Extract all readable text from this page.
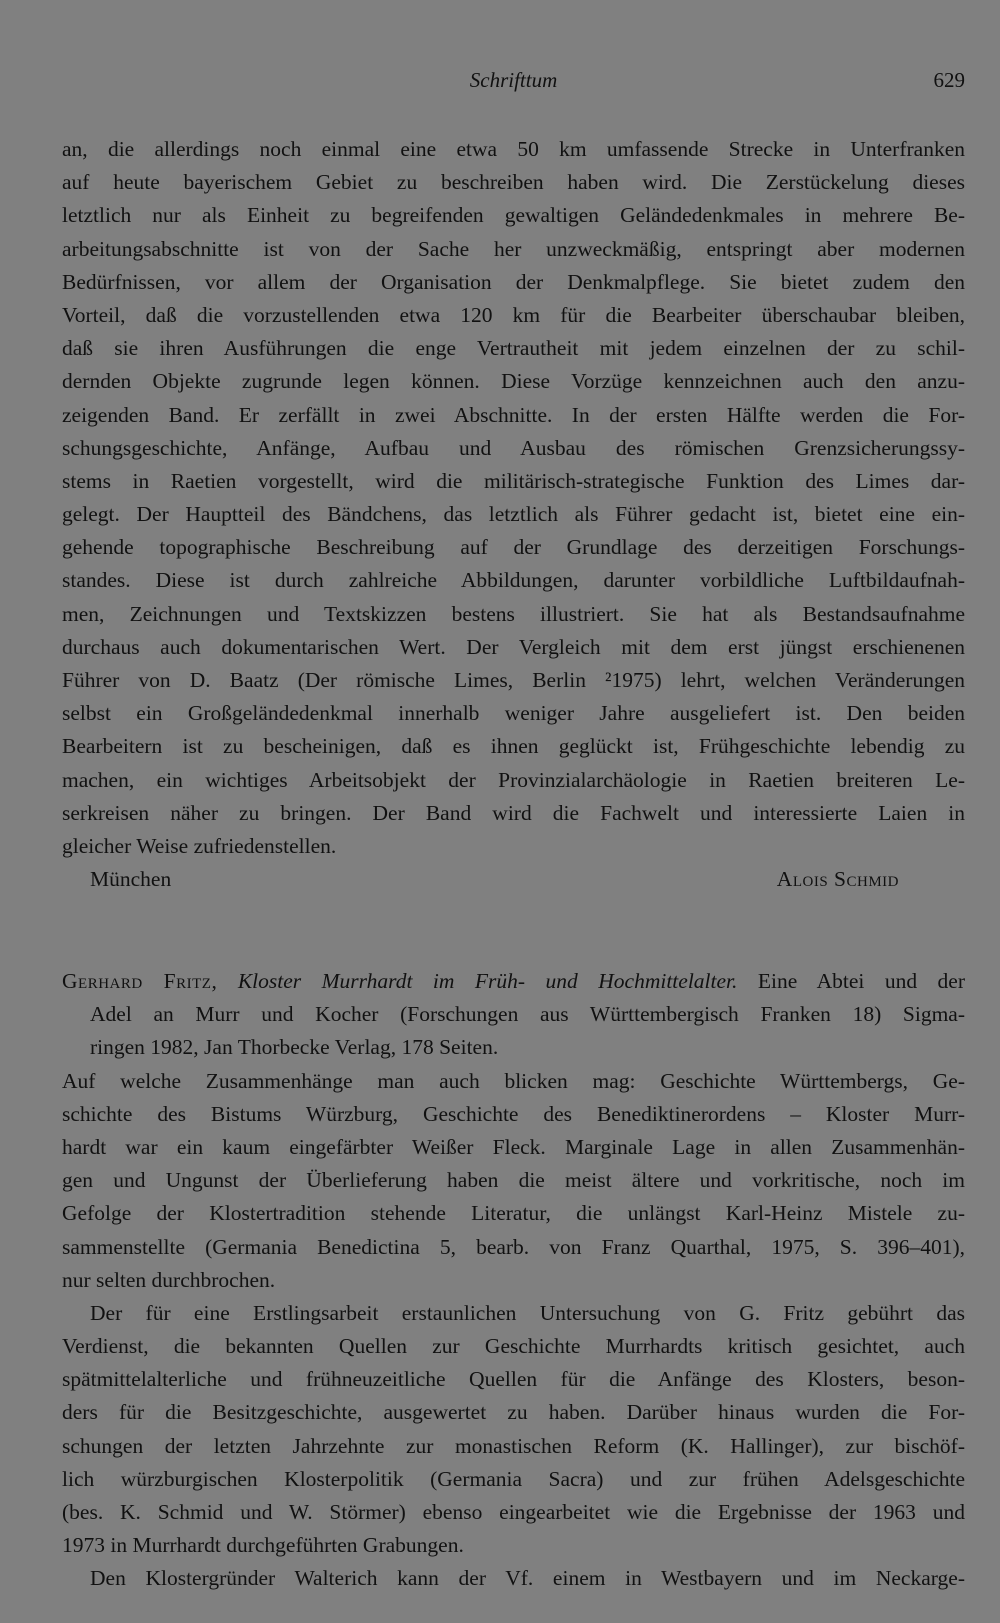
Schrifttum	629
an, die allerdings noch einmal eine etwa 50 km umfassende Strecke in Unterfranken
auf heute bayerischem Gebiet zu beschreiben haben wird. Die Zerstückelung dieses
letztlich nur als Einheit zu begreifenden gewaltigen Geländedenkmales in mehrere Be-
arbeitungsabschnitte ist von der Sache her unzweckmäßig, entspringt aber modernen
Bedürfnissen, vor allem der Organisation der Denkmalpflege. Sie bietet zudem den
Vorteil, daß die vorzustellenden etwa 120 km für die Bearbeiter überschaubar bleiben,
daß sie ihren Ausführungen die enge Vertrautheit mit jedem einzelnen der zu schil-
dernden Objekte zugrunde legen können. Diese Vorzüge kennzeichnen auch den anzu-
zeigenden Band. Er zerfällt in zwei Abschnitte. In der ersten Hälfte werden die For-
schungsgeschichte, Anfänge, Aufbau und Ausbau des römischen Grenzsicherungssy-
stems in Raetien vorgestellt, wird die militärisch-strategische Funktion des Limes dar-
gelegt. Der Hauptteil des Bändchens, das letztlich als Führer gedacht ist, bietet eine ein-
gehende topographische Beschreibung auf der Grundlage des derzeitigen Forschungs-
standes. Diese ist durch zahlreiche Abbildungen, darunter vorbildliche Luftbildaufnah-
men, Zeichnungen und Textskizzen bestens illustriert. Sie hat als Bestandsaufnahme
durchaus auch dokumentarischen Wert. Der Vergleich mit dem erst jüngst erschienenen
Führer von D. Baatz (Der römische Limes, Berlin ²1975) lehrt, welchen Veränderungen
selbst ein Großgeländedenkmal innerhalb weniger Jahre ausgeliefert ist. Den beiden
Bearbeitern ist zu bescheinigen, daß es ihnen geglückt ist, Frühgeschichte lebendig zu
machen, ein wichtiges Arbeitsobjekt der Provinzialarchäologie in Raetien breiteren Le-
serkreisen näher zu bringen. Der Band wird die Fachwelt und interessierte Laien in
gleicher Weise zufriedenstellen.
München	Alois Schmid
Gerhard Fritz, Kloster Murrhardt im Früh- und Hochmittelalter. Eine Abtei und der
Adel an Murr und Kocher (Forschungen aus Württembergisch Franken 18) Sigma-
ringen 1982, Jan Thorbecke Verlag, 178 Seiten.
Auf welche Zusammenhänge man auch blicken mag: Geschichte Württembergs, Ge-
schichte des Bistums Würzburg, Geschichte des Benediktinerordens – Kloster Murr-
hardt war ein kaum eingefärbter Weißer Fleck. Marginale Lage in allen Zusammenhän-
gen und Ungunst der Überlieferung haben die meist ältere und vorkritische, noch im
Gefolge der Klostertradition stehende Literatur, die unlängst Karl-Heinz Mistele zu-
sammenstellte (Germania Benedictina 5, bearb. von Franz Quarthal, 1975, S. 396–401),
nur selten durchbrochen.
Der für eine Erstlingsarbeit erstaunlichen Untersuchung von G. Fritz gebührt das
Verdienst, die bekannten Quellen zur Geschichte Murrhardts kritisch gesichtet, auch
spätmittelalterliche und frühneuzeitliche Quellen für die Anfänge des Klosters, beson-
ders für die Besitzgeschichte, ausgewertet zu haben. Darüber hinaus wurden die For-
schungen der letzten Jahrzehnte zur monastischen Reform (K. Hallinger), zur bischöf-
lich würzburgischen Klosterpolitik (Germania Sacra) und zur frühen Adelsgeschichte
(bes. K. Schmid und W. Störmer) ebenso eingearbeitet wie die Ergebnisse der 1963 und
1973 in Murrhardt durchgeführten Grabungen.
Den Klostergründer Walterich kann der Vf. einem in Westbayern und im Neckarge-
